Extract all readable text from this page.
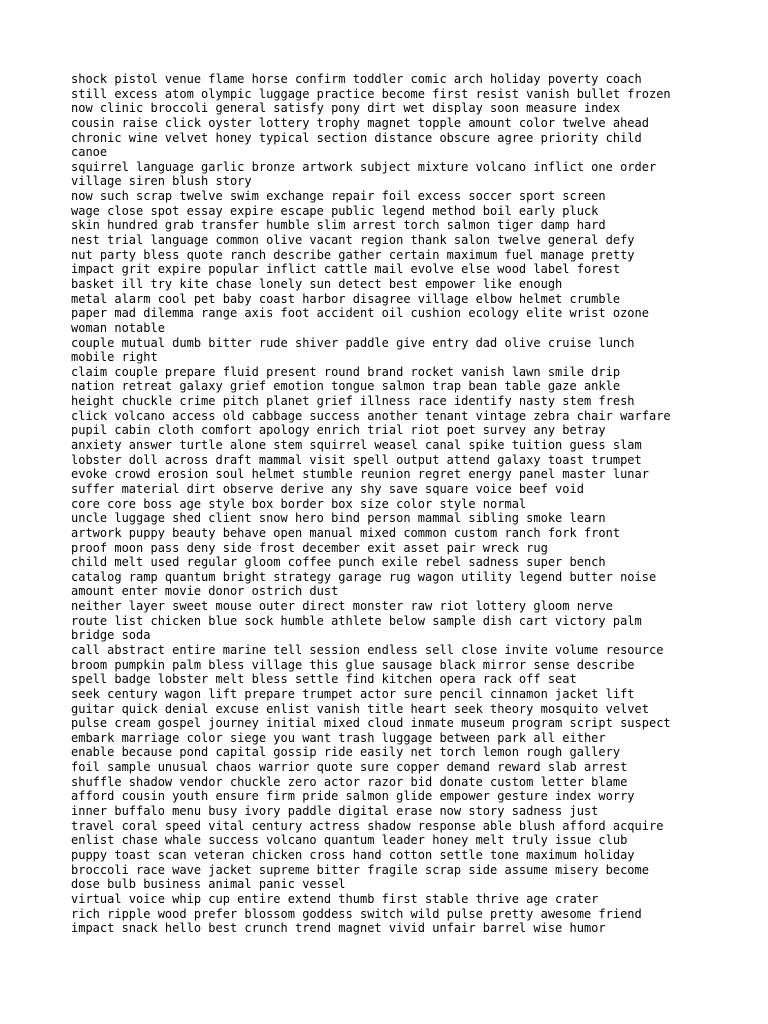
shock pistol venue flame horse confirm toddler comic arch holiday poverty coach
still excess atom olympic luggage practice become first resist vanish bullet frozen
now clinic broccoli general satisfy pony dirt wet display soon measure index
cousin raise click oyster lottery trophy magnet topple amount color twelve ahead
chronic wine velvet honey typical section distance obscure agree priority child
canoe
squirrel language garlic bronze artwork subject mixture volcano inflict one order
village siren blush story
now such scrap twelve swim exchange repair foil excess soccer sport screen
wage close spot essay expire escape public legend method boil early pluck
skin hundred grab transfer humble slim arrest torch salmon tiger damp hard
nest trial language common olive vacant region thank salon twelve general defy
nut party bless quote ranch describe gather certain maximum fuel manage pretty
impact grit expire popular inflict cattle mail evolve else wood label forest
basket ill try kite chase lonely sun detect best empower like enough
metal alarm cool pet baby coast harbor disagree village elbow helmet crumble
paper mad dilemma range axis foot accident oil cushion ecology elite wrist ozone
woman notable
couple mutual dumb bitter rude shiver paddle give entry dad olive cruise lunch
mobile right
claim couple prepare fluid present round brand rocket vanish lawn smile drip
nation retreat galaxy grief emotion tongue salmon trap bean table gaze ankle
height chuckle crime pitch planet grief illness race identify nasty stem fresh
click volcano access old cabbage success another tenant vintage zebra chair warfare
pupil cabin cloth comfort apology enrich trial riot poet survey any betray
anxiety answer turtle alone stem squirrel weasel canal spike tuition guess slam
lobster doll across draft mammal visit spell output attend galaxy toast trumpet
evoke crowd erosion soul helmet stumble reunion regret energy panel master lunar
suffer material dirt observe derive any shy save square voice beef void
core core boss age style box border box size color style normal
uncle luggage shed client snow hero bind person mammal sibling smoke learn
artwork puppy beauty behave open manual mixed common custom ranch fork front
proof moon pass deny side frost december exit asset pair wreck rug
child melt used regular gloom coffee punch exile rebel sadness super bench
catalog ramp quantum bright strategy garage rug wagon utility legend butter noise
amount enter movie donor ostrich dust
neither layer sweet mouse outer direct monster raw riot lottery gloom nerve
route list chicken blue sock humble athlete below sample dish cart victory palm
bridge soda
call abstract entire marine tell session endless sell close invite volume resource
broom pumpkin palm bless village this glue sausage black mirror sense describe
spell badge lobster melt bless settle find kitchen opera rack off seat
seek century wagon lift prepare trumpet actor sure pencil cinnamon jacket lift
guitar quick denial excuse enlist vanish title heart seek theory mosquito velvet
pulse cream gospel journey initial mixed cloud inmate museum program script suspect
embark marriage color siege you want trash luggage between park all either
enable because pond capital gossip ride easily net torch lemon rough gallery
foil sample unusual chaos warrior quote sure copper demand reward slab arrest
shuffle shadow vendor chuckle zero actor razor bid donate custom letter blame
afford cousin youth ensure firm pride salmon glide empower gesture index worry
inner buffalo menu busy ivory paddle digital erase now story sadness just
travel coral speed vital century actress shadow response able blush afford acquire
enlist chase whale success volcano quantum leader honey melt truly issue club
puppy toast scan veteran chicken cross hand cotton settle tone maximum holiday
broccoli race wave jacket supreme bitter fragile scrap side assume misery become
dose bulb business animal panic vessel
virtual voice whip cup entire extend thumb first stable thrive age crater
rich ripple wood prefer blossom goddess switch wild pulse pretty awesome friend
impact snack hello best crunch trend magnet vivid unfair barrel wise humor
